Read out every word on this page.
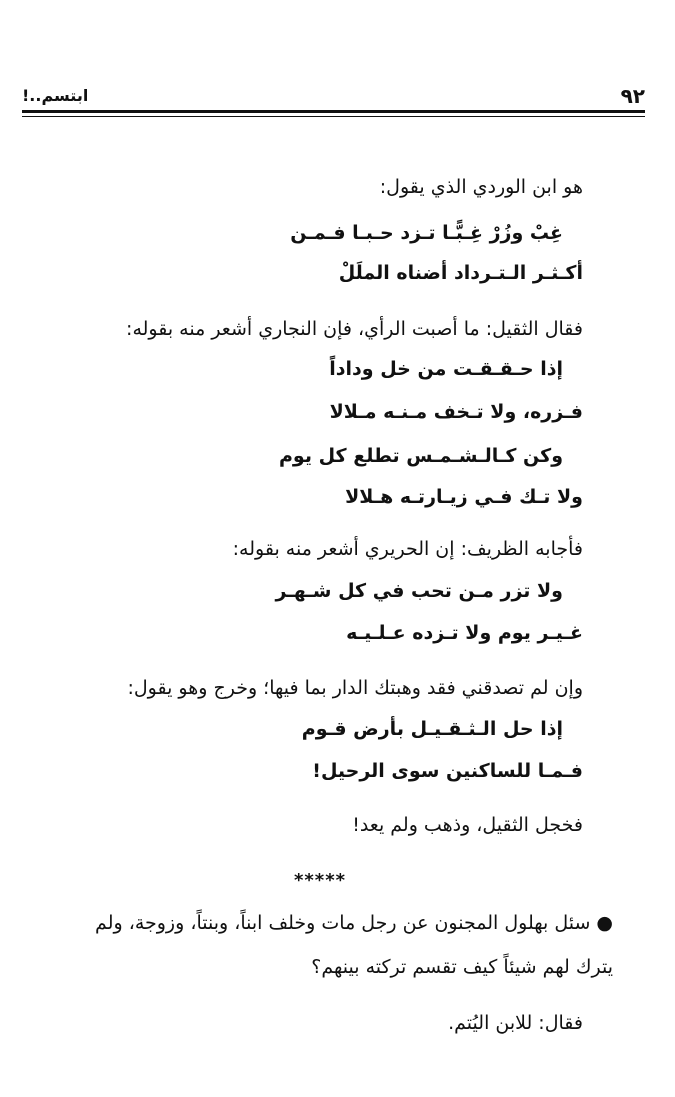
٩٢
ابتسم..!
هو ابن الوردي الذي يقول:
غِبْ وزُرْ غِـبًّـا تـزد حـبـا فـمـن
أكـثـر الـتـرداد أضناه الملَلْ
فقال الثقيل: ما أصبت الرأي، فإن النجاري أشعر منه بقوله:
إذا حـقـقـت من خل وداداً
فـزره، ولا تـخف مـنـه مـلالا
وكن كـالـشـمـس تطلع كل يوم
ولا تـك فـي زيـارتـه هـلالا
فأجابه الظريف: إن الحريري أشعر منه بقوله:
ولا تزر مـن تحب في كل شـهـر
غـيـر يوم ولا تـزده عـلـيـه
وإن لم تصدقني فقد وهبتك الدار بما فيها؛ وخرج وهو يقول:
إذا حل الـثـقـيـل بأرض قـوم
فـمـا للساكنين سوى الرحيل!
فخجل الثقيل، وذهب ولم يعد!
*****
● سئل بهلول المجنون عن رجل مات وخلف ابناً، وبنتاً، وزوجة، ولم
يترك لهم شيئاً كيف تقسم تركته بينهم؟
فقال: للابن اليُتم.
